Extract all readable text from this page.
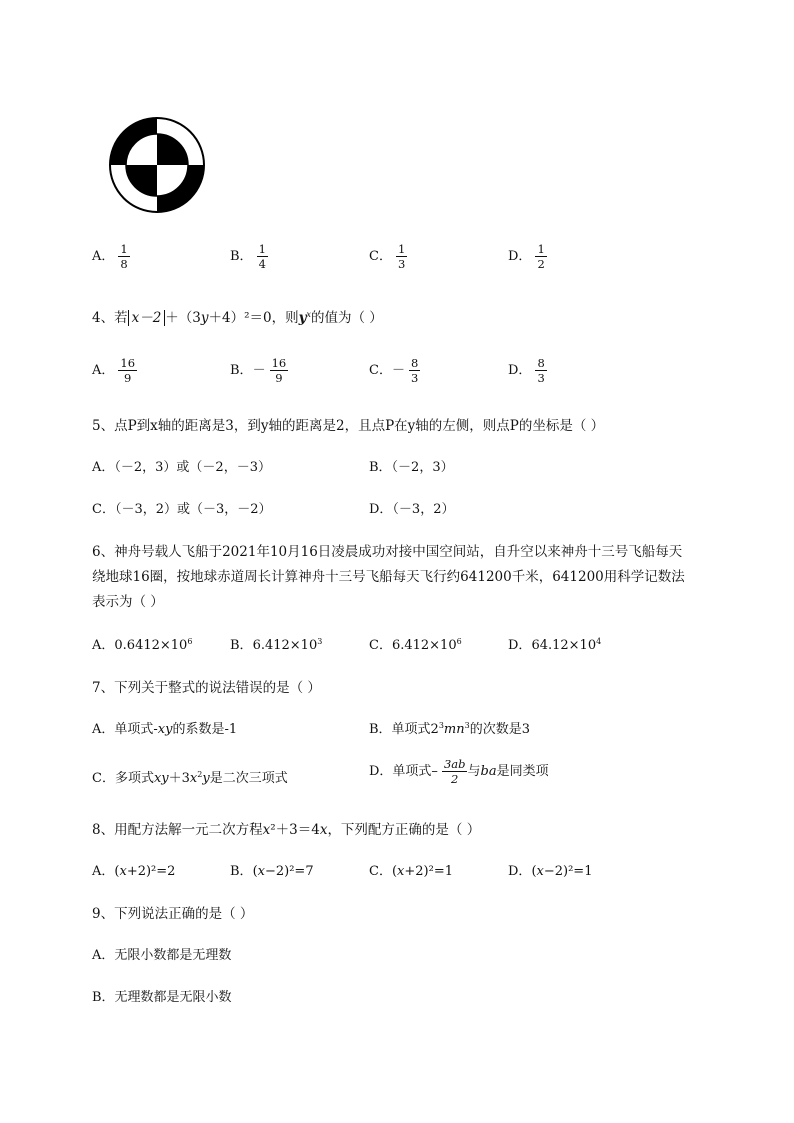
A． $\frac{1}{8}$	B． $\frac{1}{4}$	C． $\frac{1}{3}$	D． $\frac{1}{2}$
4、若 x－2 ＋（3y＋4）²＝0，则$y^x$的值为（ ）
A． $\frac{16}{9}$	B．－ $\frac{16}{9}$	C．－ $\frac{8}{3}$	D． $\frac{8}{3}$
5、点P到x轴的距离是3，到y轴的距离是2，且点P在y轴的左侧，则点P的坐标是（ ）
A．（－2，3）或（－2，－3）	B．（－2，3）
C．（－3，2）或（－3，－2）	D．（－3，2）
6、神舟号载人飞船于2021年10月16日凌晨成功对接中国空间站，自升空以来神舟十三号飞船每天
绕地球16圈，按地球赤道周长计算神舟十三号飞船每天飞行约641200千米，641200用科学记数法
表示为（ ）
A．$0.6412\times 10^6$	B．$6.412\times 10^3$	C．$6.412\times 10^6$	D．$64.12\times 10^4$
7、下列关于整式的说法错误的是（ ）
A．单项式-xy的系数是-1	B．单项式$2^3mn^3$的次数是3
C．多项式$xy+3x^2y$是二次三项式	D．单项式– $\frac{3ab}{2}$ 与ba是同类项
8、用配方法解一元二次方程x²＋3＝4x，下列配方正确的是（ ）
A．(x+2)²=2	B．(x−2)²=7	C．(x+2)²=1	D．(x−2)²=1
9、下列说法正确的是（ ）
A．无限小数都是无理数
B．无理数都是无限小数
